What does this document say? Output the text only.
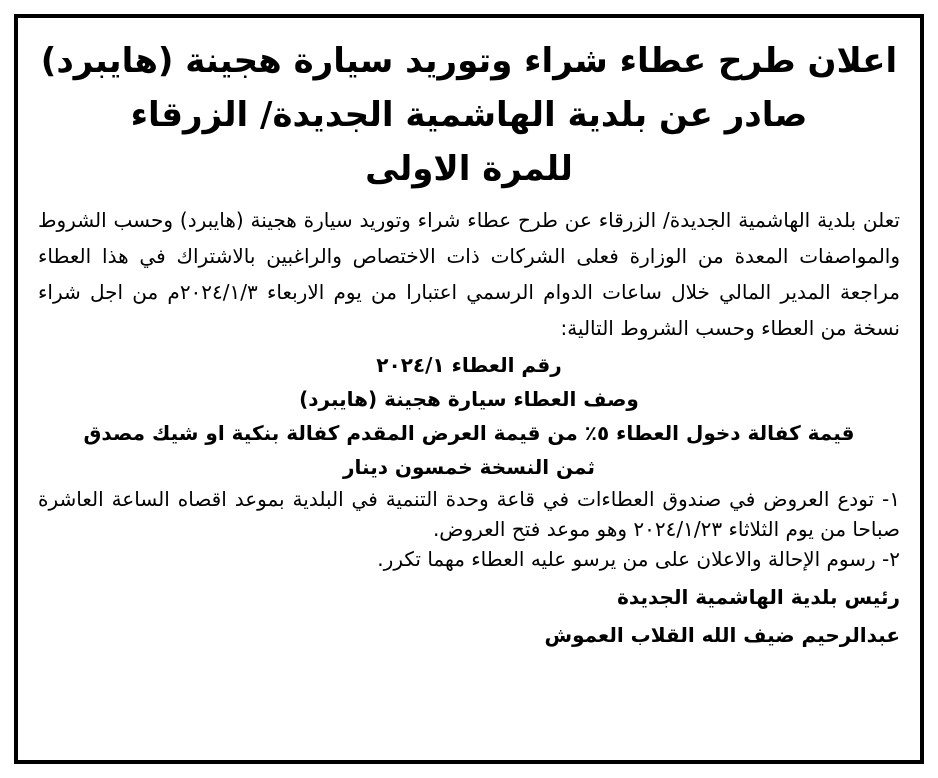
اعلان طرح عطاء شراء وتوريد سيارة هجينة (هايبرد)
صادر عن بلدية الهاشمية الجديدة/ الزرقاء
للمرة الاولى

تعلن بلدية الهاشمية الجديدة/ الزرقاء عن طرح عطاء شراء وتوريد سيارة هجينة (هايبرد) وحسب الشروط والمواصفات المعدة من الوزارة فعلى الشركات ذات الاختصاص والراغبين بالاشتراك في هذا العطاء مراجعة المدير المالي خلال ساعات الدوام الرسمي اعتبارا من يوم الاربعاء ٢٠٢٤/١/٣م من اجل شراء نسخة من العطاء وحسب الشروط التالية:

رقم العطاء ٢٠٢٤/١
وصف العطاء سيارة هجينة (هايبرد)
قيمة كفالة دخول العطاء ٥٪ من قيمة العرض المقدم كفالة بنكية او شيك مصدق
ثمن النسخة خمسون دينار
١- تودع العروض في صندوق العطاءات في قاعة وحدة التنمية في البلدية بموعد اقصاه الساعة العاشرة صباحا من يوم الثلاثاء ٢٠٢٤/١/٢٣ وهو موعد فتح العروض.
٢- رسوم الإحالة والاعلان على من يرسو عليه العطاء مهما تكرر.
رئيس بلدية الهاشمية الجديدة
عبدالرحيم ضيف الله القلاب العموش
